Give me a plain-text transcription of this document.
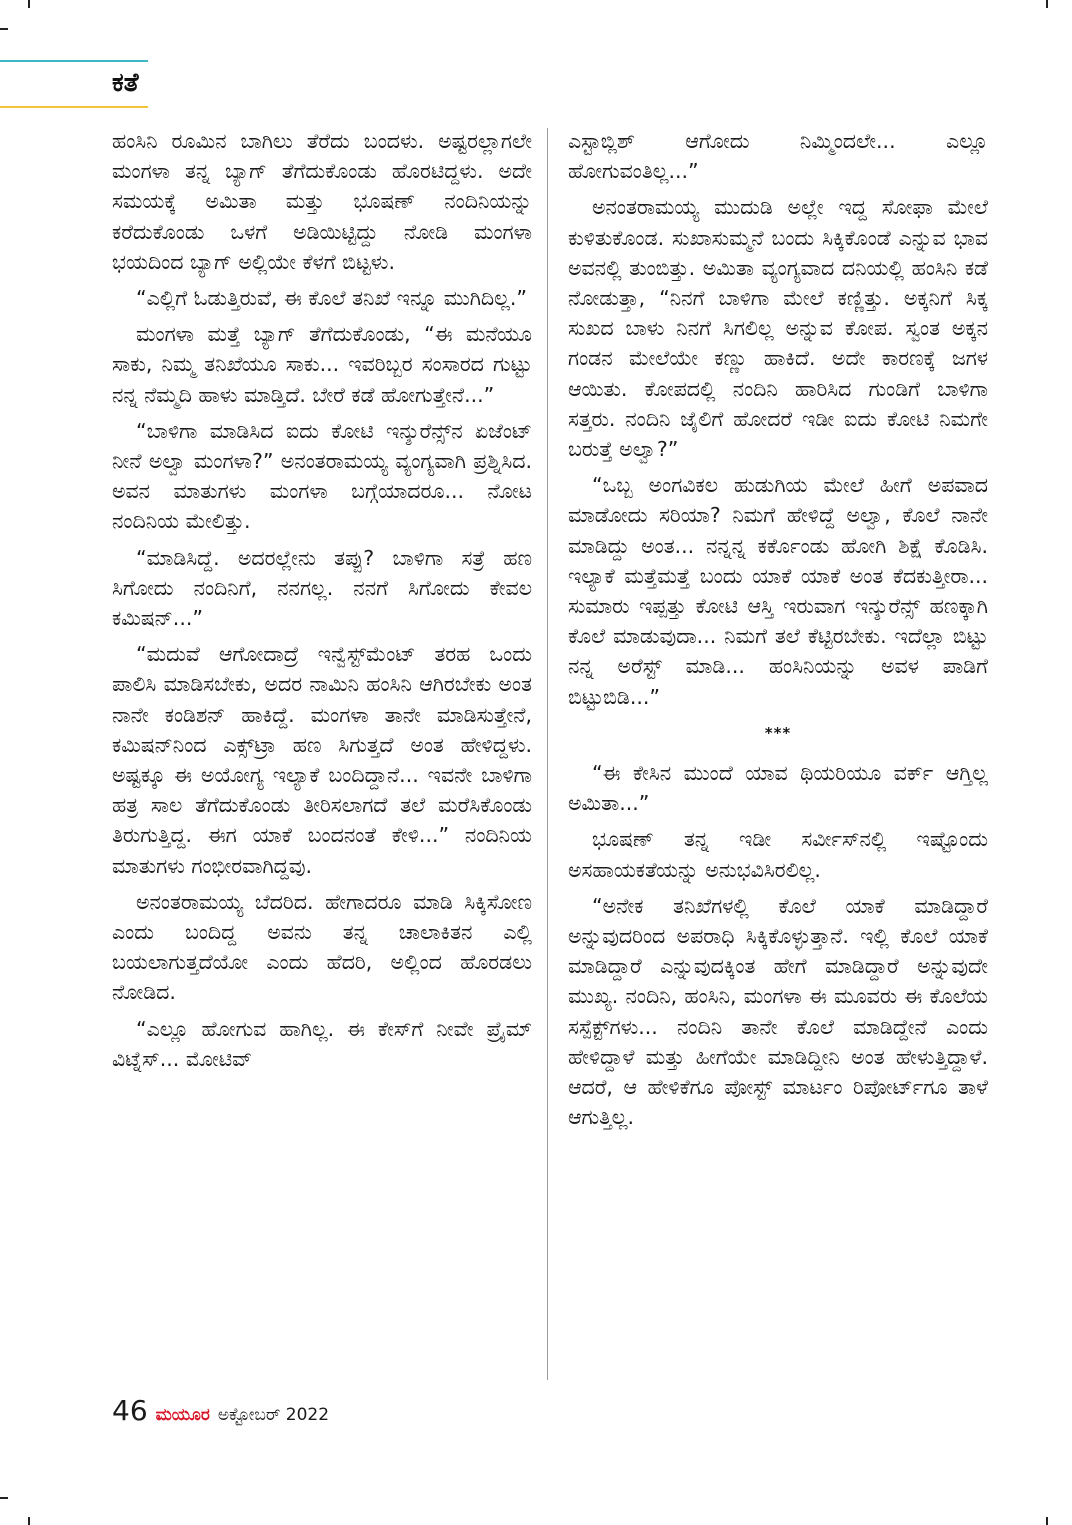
ಕತೆ

ಹಂಸಿನಿ ರೂಮಿನ ಬಾಗಿಲು ತೆರೆದು ಬಂದಳು. ಅಷ್ಟರಲ್ಲಾಗಲೇ ಮಂಗಳಾ ತನ್ನ ಬ್ಯಾಗ್ ತೆಗೆದುಕೊಂಡು ಹೊರಟಿದ್ದಳು. ಅದೇ ಸಮಯಕ್ಕೆ ಅಮಿತಾ ಮತ್ತು ಭೂಷಣ್ ನಂದಿನಿಯನ್ನು ಕರೆದುಕೊಂಡು ಒಳಗೆ ಅಡಿಯಿಟ್ಟಿದ್ದು ನೋಡಿ ಮಂಗಳಾ ಭಯದಿಂದ ಬ್ಯಾಗ್ ಅಲ್ಲಿಯೇ ಕೆಳಗೆ ಬಿಟ್ಟಳು.

“ಎಲ್ಲಿಗೆ ಓಡುತ್ತಿರುವೆ, ಈ ಕೊಲೆ ತನಿಖೆ ಇನ್ನೂ ಮುಗಿದಿಲ್ಲ.”

ಮಂಗಳಾ ಮತ್ತೆ ಬ್ಯಾಗ್ ತೆಗೆದುಕೊಂಡು, “ಈ ಮನೆಯೂ ಸಾಕು, ನಿಮ್ಮ ತನಿಖೆಯೂ ಸಾಕು... ಇವರಿಬ್ಬರ ಸಂಸಾರದ ಗುಟ್ಟು ನನ್ನ ನೆಮ್ಮದಿ ಹಾಳು ಮಾಡ್ತಿದೆ. ಬೇರೆ ಕಡೆ ಹೋಗುತ್ತೇನೆ...”

“ಬಾಳಿಗಾ ಮಾಡಿಸಿದ ಐದು ಕೋಟಿ ಇನ್ಶುರೆನ್ಸ್‌ನ ಏಜೆಂಟ್ ನೀನೆ ಅಲ್ವಾ ಮಂಗಳಾ?” ಅನಂತರಾಮಯ್ಯ ವ್ಯಂಗ್ಯವಾಗಿ ಪ್ರಶ್ನಿಸಿದ. ಅವನ ಮಾತುಗಳು ಮಂಗಳಾ ಬಗ್ಗೆಯಾದರೂ... ನೋಟ ನಂದಿನಿಯ ಮೇಲಿತ್ತು.

“ಮಾಡಿಸಿದ್ದೆ. ಅದರಲ್ಲೇನು ತಪ್ಪು? ಬಾಳಿಗಾ ಸತ್ರೆ ಹಣ ಸಿಗೋದು ನಂದಿನಿಗೆ, ನನಗಲ್ಲ. ನನಗೆ ಸಿಗೋದು ಕೇವಲ ಕಮಿಷನ್...”

“ಮದುವೆ ಆಗೋದಾದ್ರೆ ಇನ್ವೆಸ್ಟ್‌ಮೆಂಟ್ ತರಹ ಒಂದು ಪಾಲಿಸಿ ಮಾಡಿಸಬೇಕು, ಅದರ ನಾಮಿನಿ ಹಂಸಿನಿ ಆಗಿರಬೇಕು ಅಂತ ನಾನೇ ಕಂಡಿಶನ್ ಹಾಕಿದ್ದೆ. ಮಂಗಳಾ ತಾನೇ ಮಾಡಿಸುತ್ತೇನೆ, ಕಮಿಷನ್‌ನಿಂದ ಎಕ್ಸ್‌ಟ್ರಾ ಹಣ ಸಿಗುತ್ತದೆ ಅಂತ ಹೇಳಿದ್ದಳು. ಅಷ್ಟಕ್ಕೂ ಈ ಅಯೋಗ್ಯ ಇಲ್ಯಾಕೆ ಬಂದಿದ್ದಾನೆ... ಇವನೇ ಬಾಳಿಗಾ ಹತ್ರ ಸಾಲ ತೆಗೆದುಕೊಂಡು ತೀರಿಸಲಾಗದೆ ತಲೆ ಮರೆಸಿಕೊಂಡು ತಿರುಗುತ್ತಿದ್ದ. ಈಗ ಯಾಕೆ ಬಂದನಂತೆ ಕೇಳಿ...” ನಂದಿನಿಯ ಮಾತುಗಳು ಗಂಭೀರವಾಗಿದ್ದವು.

ಅನಂತರಾಮಯ್ಯ ಬೆದರಿದ. ಹೇಗಾದರೂ ಮಾಡಿ ಸಿಕ್ಕಿಸೋಣ ಎಂದು ಬಂದಿದ್ದ ಅವನು ತನ್ನ ಚಾಲಾಕಿತನ ಎಲ್ಲಿ ಬಯಲಾಗುತ್ತದೆಯೋ ಎಂದು ಹೆದರಿ, ಅಲ್ಲಿಂದ ಹೊರಡಲು ನೋಡಿದ.

“ಎಲ್ಲೂ ಹೋಗುವ ಹಾಗಿಲ್ಲ. ಈ ಕೇಸ್‌ಗೆ ನೀವೇ ಪ್ರೈಮ್ ವಿಟ್ನೆಸ್... ಮೋಟಿವ್

ಎಸ್ಟಾಬ್ಲಿಶ್ ಆಗೋದು ನಿಮ್ಮಿಂದಲೇ... ಎಲ್ಲೂ ಹೋಗುವಂತಿಲ್ಲ...”

ಅನಂತರಾಮಯ್ಯ ಮುದುಡಿ ಅಲ್ಲೇ ಇದ್ದ ಸೋಫಾ ಮೇಲೆ ಕುಳಿತುಕೊಂಡ. ಸುಖಾಸುಮ್ಮನೆ ಬಂದು ಸಿಕ್ಕಿಕೊಂಡೆ ಎನ್ನುವ ಭಾವ ಅವನಲ್ಲಿ ತುಂಬಿತ್ತು. ಅಮಿತಾ ವ್ಯಂಗ್ಯವಾದ ದನಿಯಲ್ಲಿ ಹಂಸಿನಿ ಕಡೆ ನೋಡುತ್ತಾ, “ನಿನಗೆ ಬಾಳಿಗಾ ಮೇಲೆ ಕಣ್ಣಿತ್ತು. ಅಕ್ಕನಿಗೆ ಸಿಕ್ಕ ಸುಖದ ಬಾಳು ನಿನಗೆ ಸಿಗಲಿಲ್ಲ ಅನ್ನುವ ಕೋಪ. ಸ್ವಂತ ಅಕ್ಕನ ಗಂಡನ ಮೇಲೆಯೇ ಕಣ್ಣು ಹಾಕಿದೆ. ಅದೇ ಕಾರಣಕ್ಕೆ ಜಗಳ ಆಯಿತು. ಕೋಪದಲ್ಲಿ ನಂದಿನಿ ಹಾರಿಸಿದ ಗುಂಡಿಗೆ ಬಾಳಿಗಾ ಸತ್ತರು. ನಂದಿನಿ ಜೈಲಿಗೆ ಹೋದರೆ ಇಡೀ ಐದು ಕೋಟಿ ನಿಮಗೇ ಬರುತ್ತೆ ಅಲ್ವಾ?”

“ಒಬ್ಬ ಅಂಗವಿಕಲ ಹುಡುಗಿಯ ಮೇಲೆ ಹೀಗೆ ಅಪವಾದ ಮಾಡೋದು ಸರಿಯಾ? ನಿಮಗೆ ಹೇಳಿದ್ದೆ ಅಲ್ವಾ, ಕೊಲೆ ನಾನೇ ಮಾಡಿದ್ದು ಅಂತ... ನನ್ನನ್ನ ಕರ್ಕೊಂಡು ಹೋಗಿ ಶಿಕ್ಷೆ ಕೊಡಿಸಿ. ಇಲ್ಯಾಕೆ ಮತ್ತೆಮತ್ತೆ ಬಂದು ಯಾಕೆ ಯಾಕೆ ಅಂತ ಕೆದಕುತ್ತೀರಾ... ಸುಮಾರು ಇಪ್ಪತ್ತು ಕೋಟಿ ಆಸ್ತಿ ಇರುವಾಗ ಇನ್ಶುರೆನ್ಸ್ ಹಣಕ್ಕಾಗಿ ಕೊಲೆ ಮಾಡುವುದಾ... ನಿಮಗೆ ತಲೆ ಕೆಟ್ಟಿರಬೇಕು. ಇದೆಲ್ಲಾ ಬಿಟ್ಟು ನನ್ನ ಅರೆಸ್ಟ್ ಮಾಡಿ... ಹಂಸಿನಿಯನ್ನು ಅವಳ ಪಾಡಿಗೆ ಬಿಟ್ಟುಬಿಡಿ...”

***

“ಈ ಕೇಸಿನ ಮುಂದೆ ಯಾವ ಥಿಯರಿಯೂ ವರ್ಕ್ ಆಗ್ತಿಲ್ಲ ಅಮಿತಾ...”

ಭೂಷಣ್ ತನ್ನ ಇಡೀ ಸರ್ವೀಸ್‌ನಲ್ಲಿ ಇಷ್ಟೊಂದು ಅಸಹಾಯಕತೆಯನ್ನು ಅನುಭವಿಸಿರಲಿಲ್ಲ.

“ಅನೇಕ ತನಿಖೆಗಳಲ್ಲಿ ಕೊಲೆ ಯಾಕೆ ಮಾಡಿದ್ದಾರೆ ಅನ್ನುವುದರಿಂದ ಅಪರಾಧಿ ಸಿಕ್ಕಿಕೊಳ್ಳುತ್ತಾನೆ. ಇಲ್ಲಿ ಕೊಲೆ ಯಾಕೆ ಮಾಡಿದ್ದಾರೆ ಎನ್ನುವುದಕ್ಕಿಂತ ಹೇಗೆ ಮಾಡಿದ್ದಾರೆ ಅನ್ನುವುದೇ ಮುಖ್ಯ. ನಂದಿನಿ, ಹಂಸಿನಿ, ಮಂಗಳಾ ಈ ಮೂವರು ಈ ಕೊಲೆಯ ಸಸ್ಪೆಕ್ಟ್‌ಗಳು... ನಂದಿನಿ ತಾನೇ ಕೊಲೆ ಮಾಡಿದ್ದೇನೆ ಎಂದು ಹೇಳಿದ್ದಾಳೆ ಮತ್ತು ಹೀಗೆಯೇ ಮಾಡಿದ್ದೀನಿ ಅಂತ ಹೇಳುತ್ತಿದ್ದಾಳೆ. ಆದರೆ, ಆ ಹೇಳಿಕೆಗೂ ಪೋಸ್ಟ್ ಮಾರ್ಟಂ ರಿಪೋರ್ಟ್‌ಗೂ ತಾಳೆ ಆಗುತ್ತಿಲ್ಲ.

46 ಮಯೂರ ಅಕ್ಟೋಬರ್ 2022
